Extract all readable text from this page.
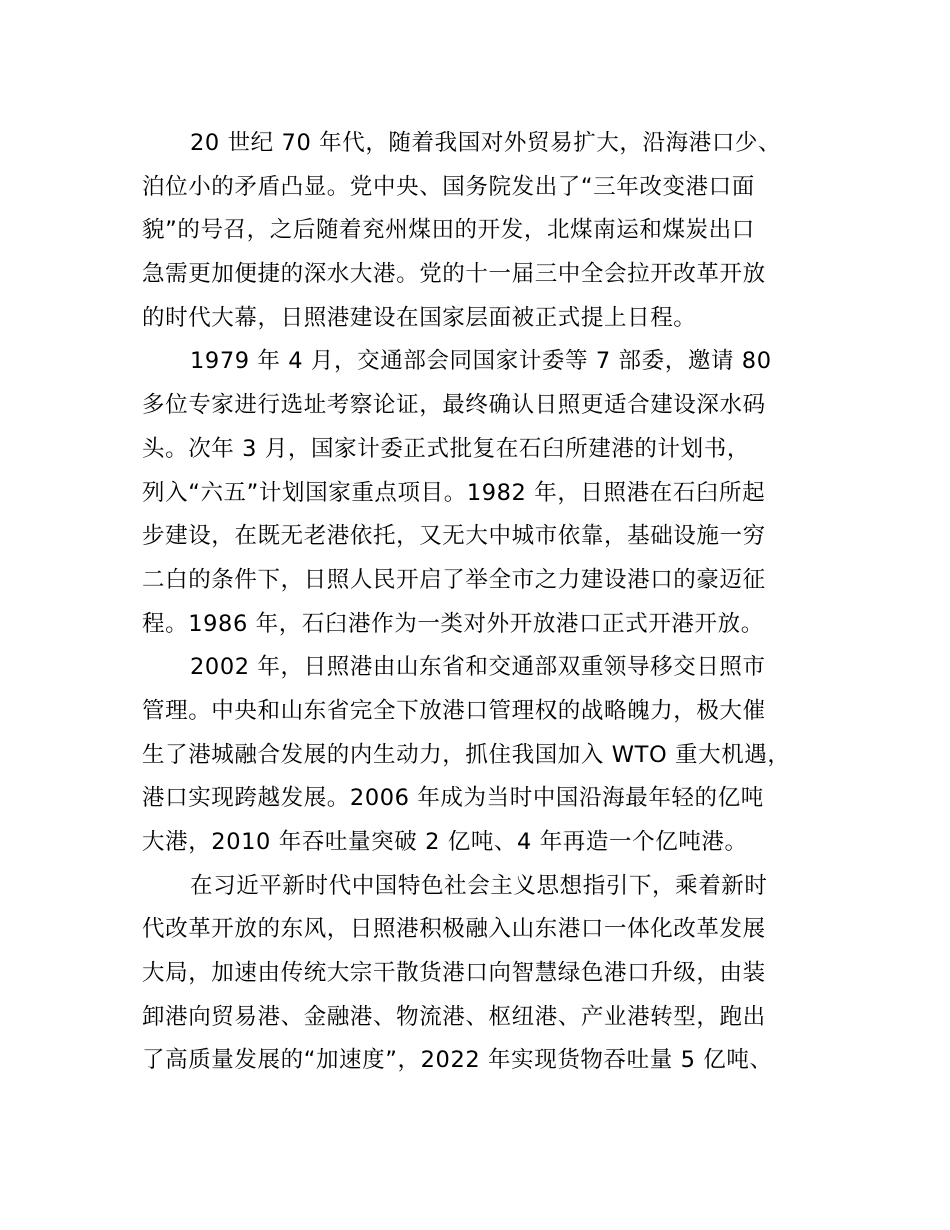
20 世纪 70 年代，随着我国对外贸易扩大，沿海港口少、
泊位小的矛盾凸显。党中央、国务院发出了“三年改变港口面
貌”的号召，之后随着兖州煤田的开发，北煤南运和煤炭出口
急需更加便捷的深水大港。党的十一届三中全会拉开改革开放
的时代大幕，日照港建设在国家层面被正式提上日程。
1979 年 4 月，交通部会同国家计委等 7 部委，邀请 80
多位专家进行选址考察论证，最终确认日照更适合建设深水码
头。次年 3 月，国家计委正式批复在石臼所建港的计划书，
列入“六五”计划国家重点项目。1982 年，日照港在石臼所起
步建设，在既无老港依托，又无大中城市依靠，基础设施一穷
二白的条件下，日照人民开启了举全市之力建设港口的豪迈征
程。1986 年，石臼港作为一类对外开放港口正式开港开放。
2002 年，日照港由山东省和交通部双重领导移交日照市
管理。中央和山东省完全下放港口管理权的战略魄力，极大催
生了港城融合发展的内生动力，抓住我国加入 WTO 重大机遇，
港口实现跨越发展。2006 年成为当时中国沿海最年轻的亿吨
大港，2010 年吞吐量突破 2 亿吨、4 年再造一个亿吨港。
在习近平新时代中国特色社会主义思想指引下，乘着新时
代改革开放的东风，日照港积极融入山东港口一体化改革发展
大局，加速由传统大宗干散货港口向智慧绿色港口升级，由装
卸港向贸易港、金融港、物流港、枢纽港、产业港转型，跑出
了高质量发展的“加速度”，2022 年实现货物吞吐量 5 亿吨、
